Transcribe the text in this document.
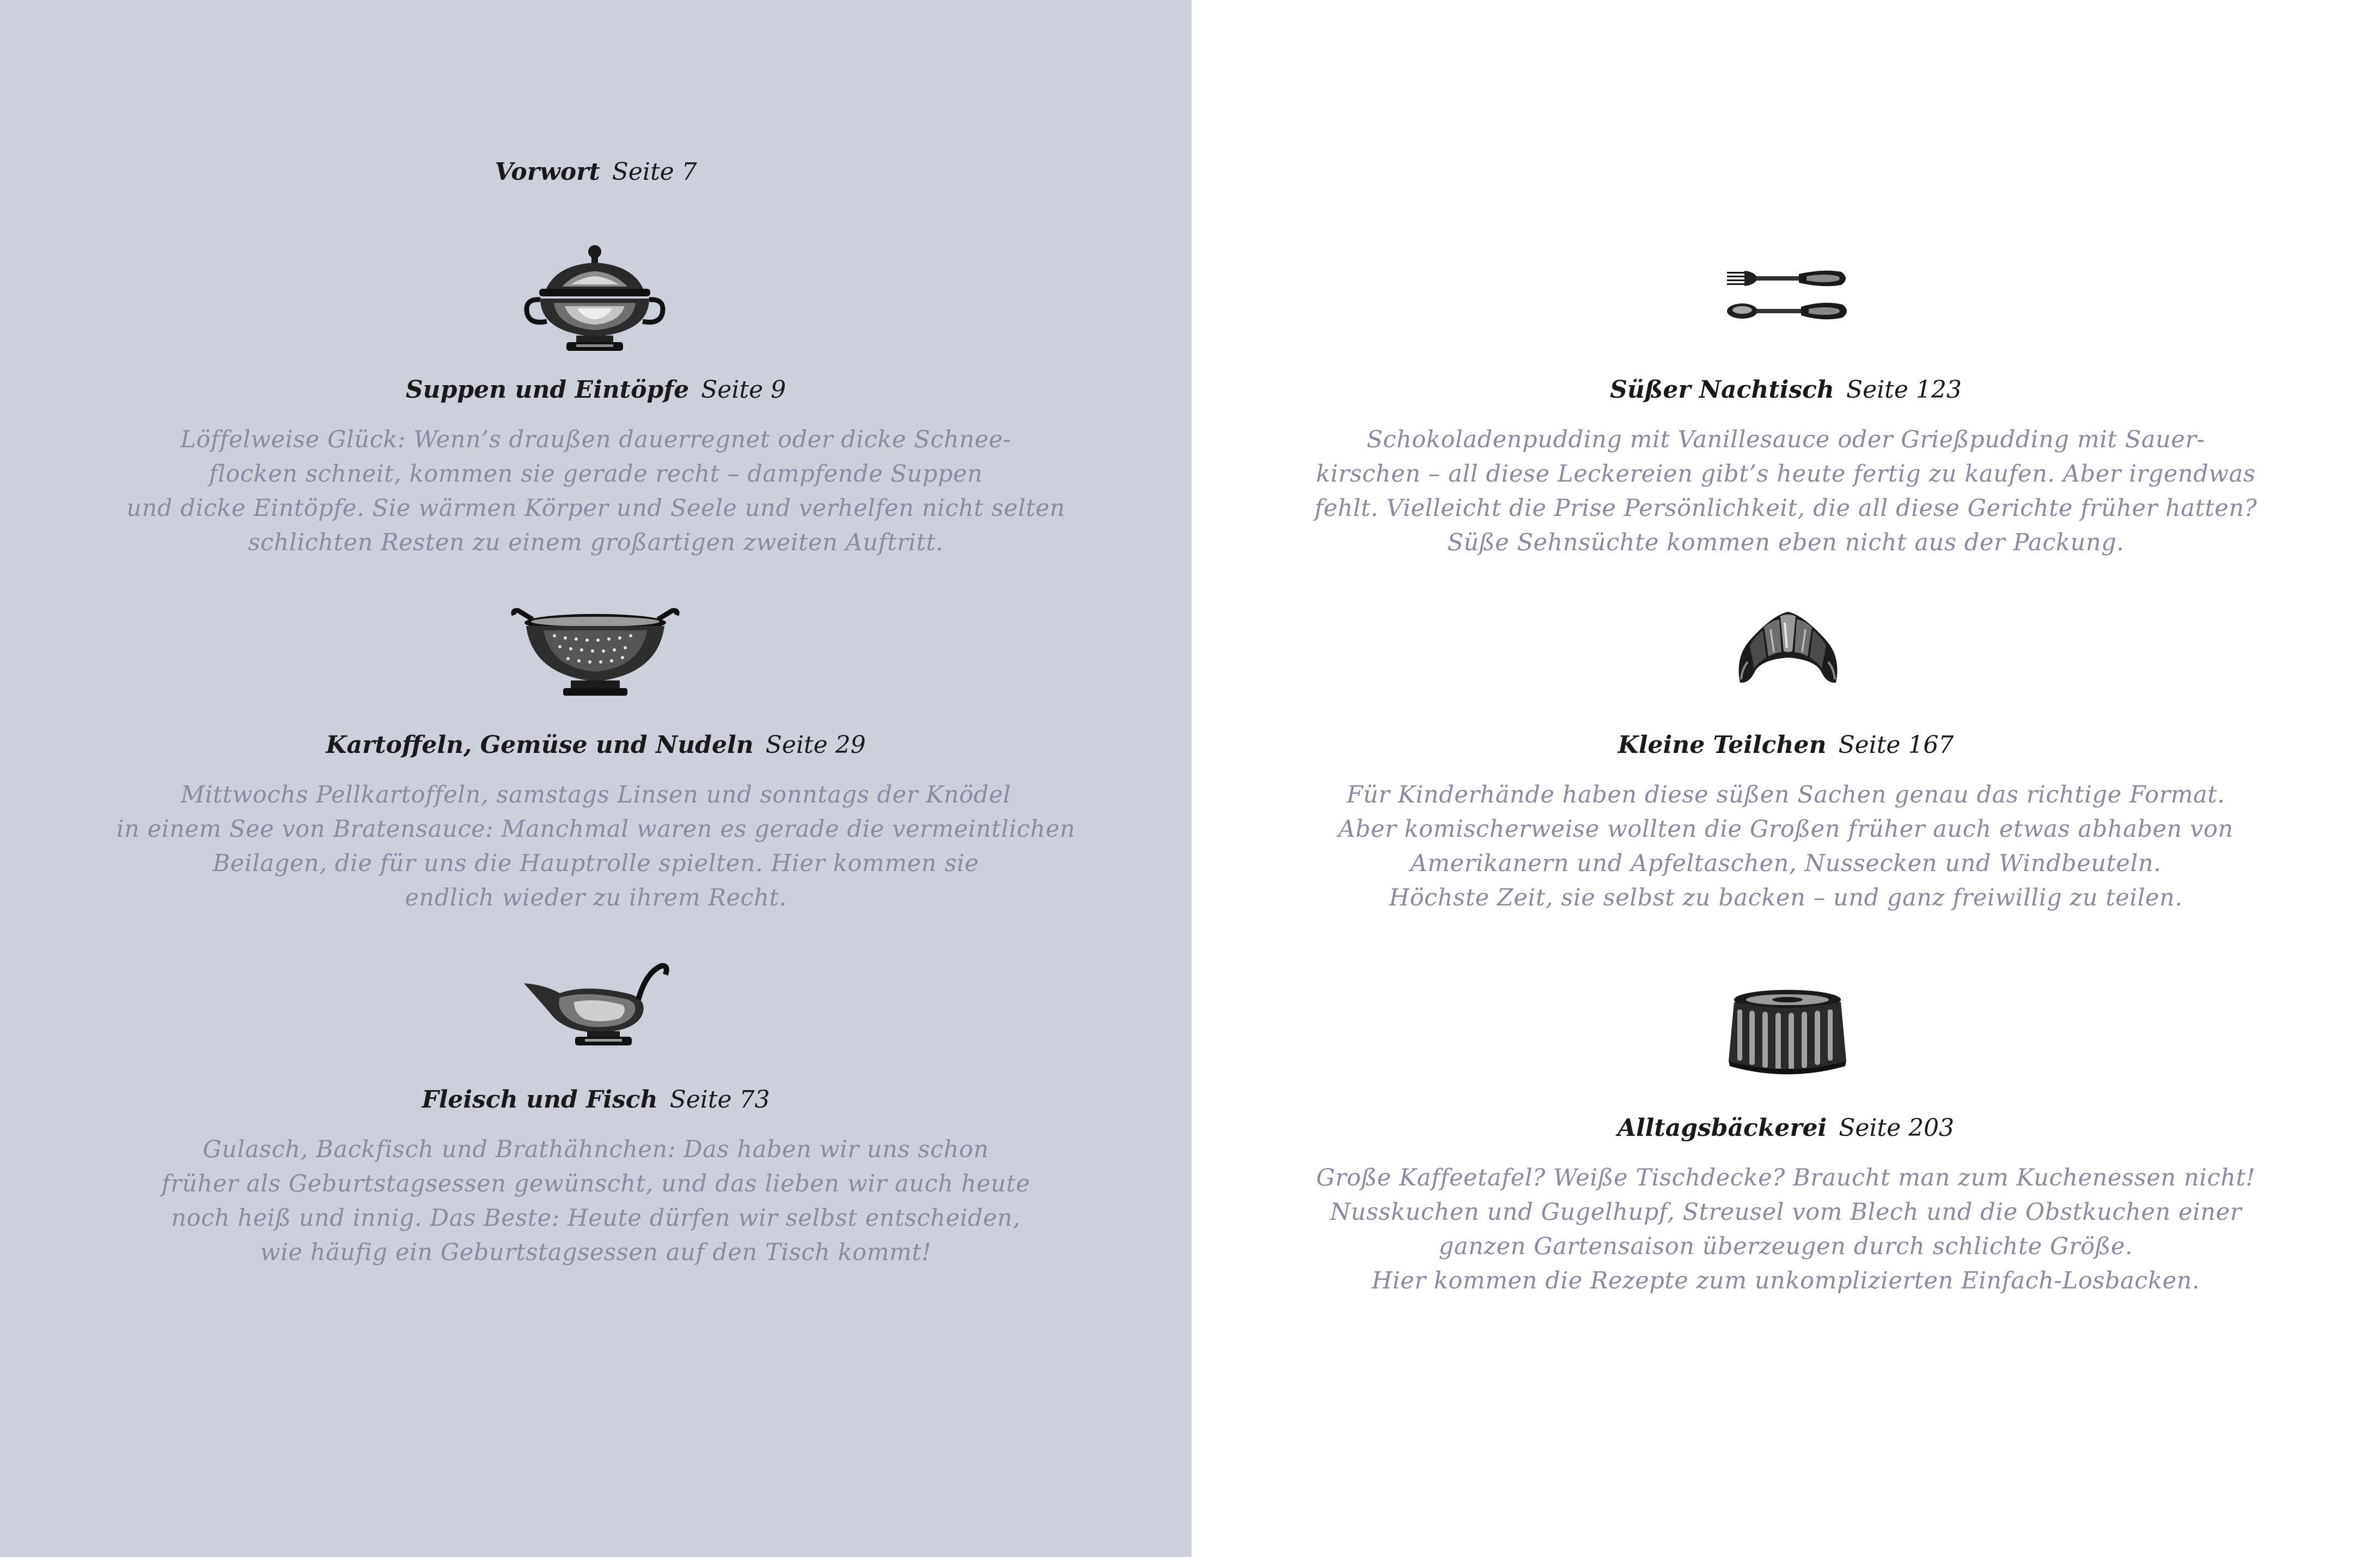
Vorwort Seite 7
Suppen und Eintöpfe Seite 9
Löffelweise Glück: Wenn’s draußen dauerregnet oder dicke Schnee-
flocken schneit, kommen sie gerade recht – dampfende Suppen
und dicke Eintöpfe. Sie wärmen Körper und Seele und verhelfen nicht selten
schlichten Resten zu einem großartigen zweiten Auftritt.
Kartoffeln, Gemüse und Nudeln Seite 29
Mittwochs Pellkartoffeln, samstags Linsen und sonntags der Knödel
in einem See von Bratensauce: Manchmal waren es gerade die vermeintlichen
Beilagen, die für uns die Hauptrolle spielten. Hier kommen sie
endlich wieder zu ihrem Recht.
Fleisch und Fisch Seite 73
Gulasch, Backfisch und Brathähnchen: Das haben wir uns schon
früher als Geburtstagsessen gewünscht, und das lieben wir auch heute
noch heiß und innig. Das Beste: Heute dürfen wir selbst entscheiden,
wie häufig ein Geburtstagsessen auf den Tisch kommt!
Süßer Nachtisch Seite 123
Schokoladenpudding mit Vanillesauce oder Grießpudding mit Sauer-
kirschen – all diese Leckereien gibt’s heute fertig zu kaufen. Aber irgendwas
fehlt. Vielleicht die Prise Persönlichkeit, die all diese Gerichte früher hatten?
Süße Sehnsüchte kommen eben nicht aus der Packung.
Kleine Teilchen Seite 167
Für Kinderhände haben diese süßen Sachen genau das richtige Format.
Aber komischerweise wollten die Großen früher auch etwas abhaben von
Amerikanern und Apfeltaschen, Nussecken und Windbeuteln.
Höchste Zeit, sie selbst zu backen – und ganz freiwillig zu teilen.
Alltagsbäckerei Seite 203
Große Kaffeetafel? Weiße Tischdecke? Braucht man zum Kuchenessen nicht!
Nusskuchen und Gugelhupf, Streusel vom Blech und die Obstkuchen einer
ganzen Gartensaison überzeugen durch schlichte Größe.
Hier kommen die Rezepte zum unkomplizierten Einfach-Losbacken.
